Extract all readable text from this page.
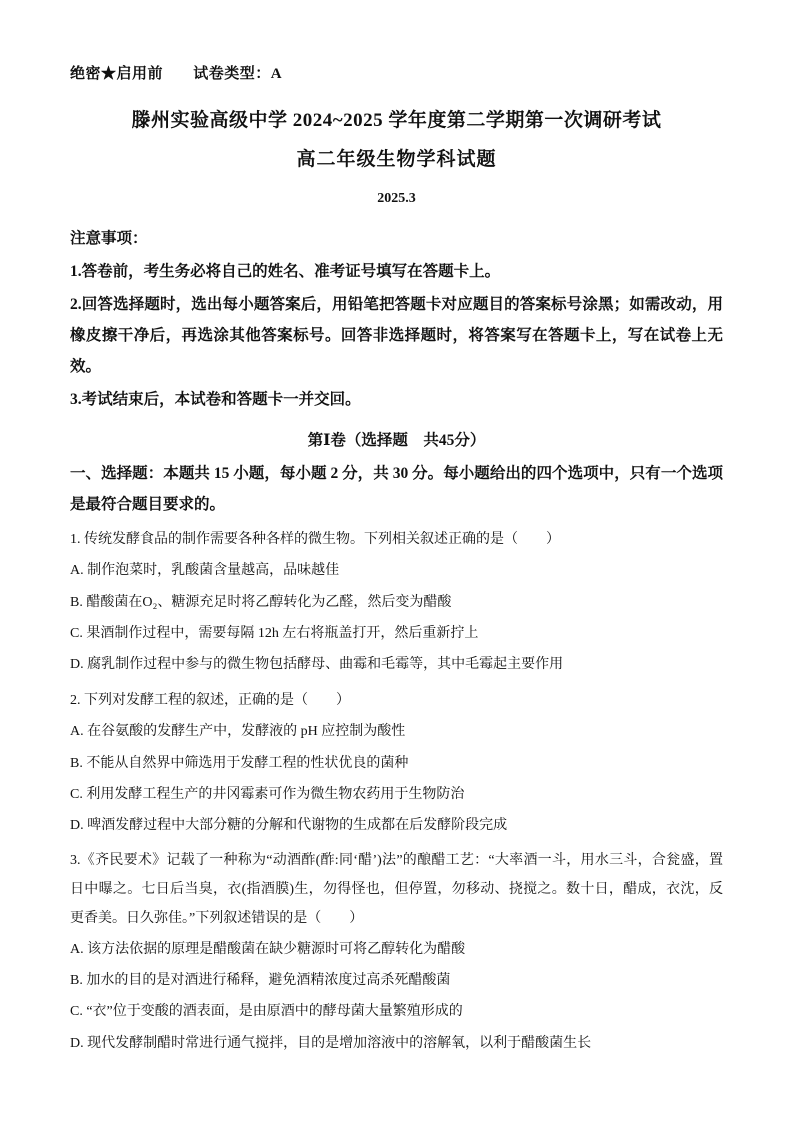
绝密★启用前 试卷类型：A
滕州实验高级中学 2024~2025 学年度第二学期第一次调研考试
高二年级生物学科试题
2025.3
注意事项：

1.答卷前，考生务必将自己的姓名、准考证号填写在答题卡上。

2.回答选择题时，选出每小题答案后，用铅笔把答题卡对应题目的答案标号涂黑；如需改动，用橡皮擦干净后，再选涂其他答案标号。回答非选择题时，将答案写在答题卡上，写在试卷上无效。

3.考试结束后，本试卷和答题卡一并交回。

第Ⅰ卷（选择题　共45分）

一、选择题：本题共 15 小题，每小题 2 分，共 30 分。每小题给出的四个选项中，只有一个选项是最符合题目要求的。

1. 传统发酵食品的制作需要各种各样的微生物。下列相关叙述正确的是（　　）

A. 制作泡菜时，乳酸菌含量越高，品味越佳

B. 醋酸菌在O₂、糖源充足时将乙醇转化为乙醛，然后变为醋酸

C. 果酒制作过程中，需要每隔 12h 左右将瓶盖打开，然后重新拧上

D. 腐乳制作过程中参与的微生物包括酵母、曲霉和毛霉等，其中毛霉起主要作用

2. 下列对发酵工程的叙述，正确的是（　　）

A. 在谷氨酸的发酵生产中，发酵液的 pH 应控制为酸性

B. 不能从自然界中筛选用于发酵工程的性状优良的菌种

C. 利用发酵工程生产的井冈霉素可作为微生物农药用于生物防治

D. 啤酒发酵过程中大部分糖的分解和代谢物的生成都在后发酵阶段完成

3.《齐民要术》记载了一种称为“动酒酢(酢:同‘醋’)法”的酿醋工艺：“大率酒一斗，用水三斗，合瓮盛，置日中曝之。七日后当臭，衣(指酒膜)生，勿得怪也，但停置，勿移动、挠搅之。数十日，醋成，衣沈，反更香美。日久弥佳。”下列叙述错误的是（　　）

A. 该方法依据的原理是醋酸菌在缺少糖源时可将乙醇转化为醋酸

B. 加水的目的是对酒进行稀释，避免酒精浓度过高杀死醋酸菌

C. “衣”位于变酸的酒表面，是由原酒中的酵母菌大量繁殖形成的

D. 现代发酵制醋时常进行通气搅拌，目的是增加溶液中的溶解氧，以利于醋酸菌生长
